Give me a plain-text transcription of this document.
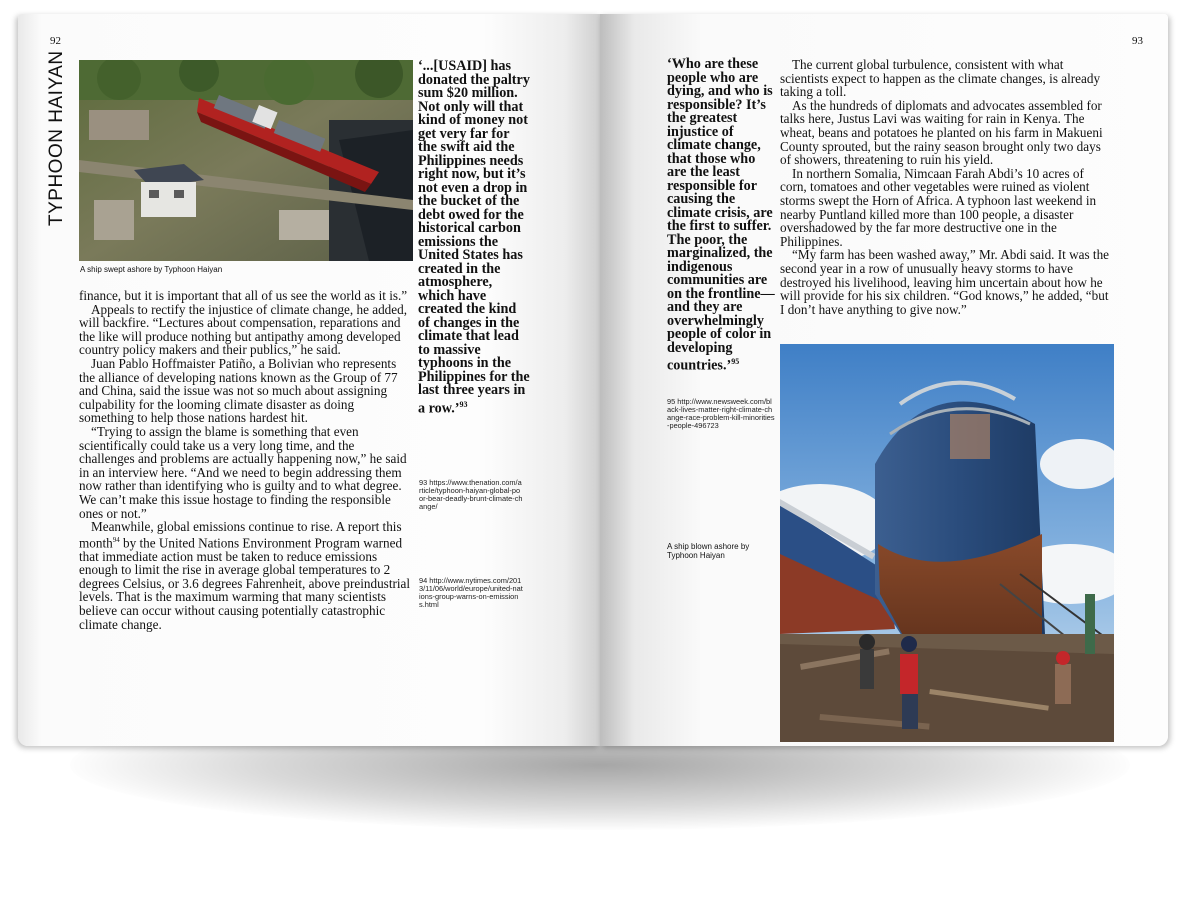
92
TYPHOON HAIYAN
A ship swept ashore by Typhoon Haiyan

finance, but it is important that all of us see the world as it is.”

Appeals to rectify the injustice of climate change, he added, will backfire. “Lectures about compensation, reparations and the like will produce nothing but antipathy among developed country policy makers and their publics,” he said.

Juan Pablo Hoffmaister Patiño, a Bolivian who represents the alliance of developing nations known as the Group of 77 and China, said the issue was not so much about assigning culpability for the looming climate disaster as doing something to help those nations hardest hit.

“Trying to assign the blame is something that even scientifically could take us a very long time, and the challenges and problems are actually happening now,” he said in an interview here. “And we need to begin addressing them now rather than identifying who is guilty and to what degree. We can’t make this issue hostage to finding the responsible ones or not.”

Meanwhile, global emissions continue to rise. A report this month$^{94}$ by the United Nations Environment Program warned that immediate action must be taken to reduce emissions enough to limit the rise in average global temperatures to 2 degrees Celsius, or 3.6 degrees Fahrenheit, above preindustrial levels. That is the maximum warming that many scientists believe can occur without causing potentially catastrophic climate change.

‘...[USAID] has donated the paltry sum $20 million. Not only will that kind of money not get very far for the swift aid the Philippines needs right now, but it’s not even a drop in the bucket of the debt owed for the historical carbon emissions the United States has created in the atmosphere, which have created the kind of changes in the climate that lead to massive typhoons in the Philippines for the last three years in a row.’$^{93}$
93 https://www.thenation.com/article/typhoon-haiyan-global-poor-bear-deadly-brunt-climate-change/
94 http://www.nytimes.com/2013/11/06/world/europe/united-nations-group-warns-on-emissions.html
93
‘Who are these people who are dying, and who is responsible? It’s the greatest injustice of climate change, that those who are the least responsible for causing the climate crisis, are the first to suffer. The poor, the marginalized, the indigenous communities are on the frontline—and they are overwhelmingly people of color in developing countries.’$^{95}$
95 http://www.newsweek.com/black-lives-matter-right-climate-change-race-problem-kill-minorities-people-496723
A ship blown ashore by Typhoon Haiyan

The current global turbulence, consistent with what scientists expect to happen as the climate changes, is already taking a toll.

As the hundreds of diplomats and advocates assembled for talks here, Justus Lavi was waiting for rain in Kenya. The wheat, beans and potatoes he planted on his farm in Makueni County sprouted, but the rainy season brought only two days of showers, threatening to ruin his yield.

In northern Somalia, Nimcaan Farah Abdi’s 10 acres of corn, tomatoes and other vegetables were ruined as violent storms swept the Horn of Africa. A typhoon last weekend in nearby Puntland killed more than 100 people, a disaster overshadowed by the far more destructive one in the Philippines.

“My farm has been washed away,” Mr. Abdi said. It was the second year in a row of unusually heavy storms to have destroyed his livelihood, leaving him uncertain about how he will provide for his six children. “God knows,” he added, “but I don’t have anything to give now.”
